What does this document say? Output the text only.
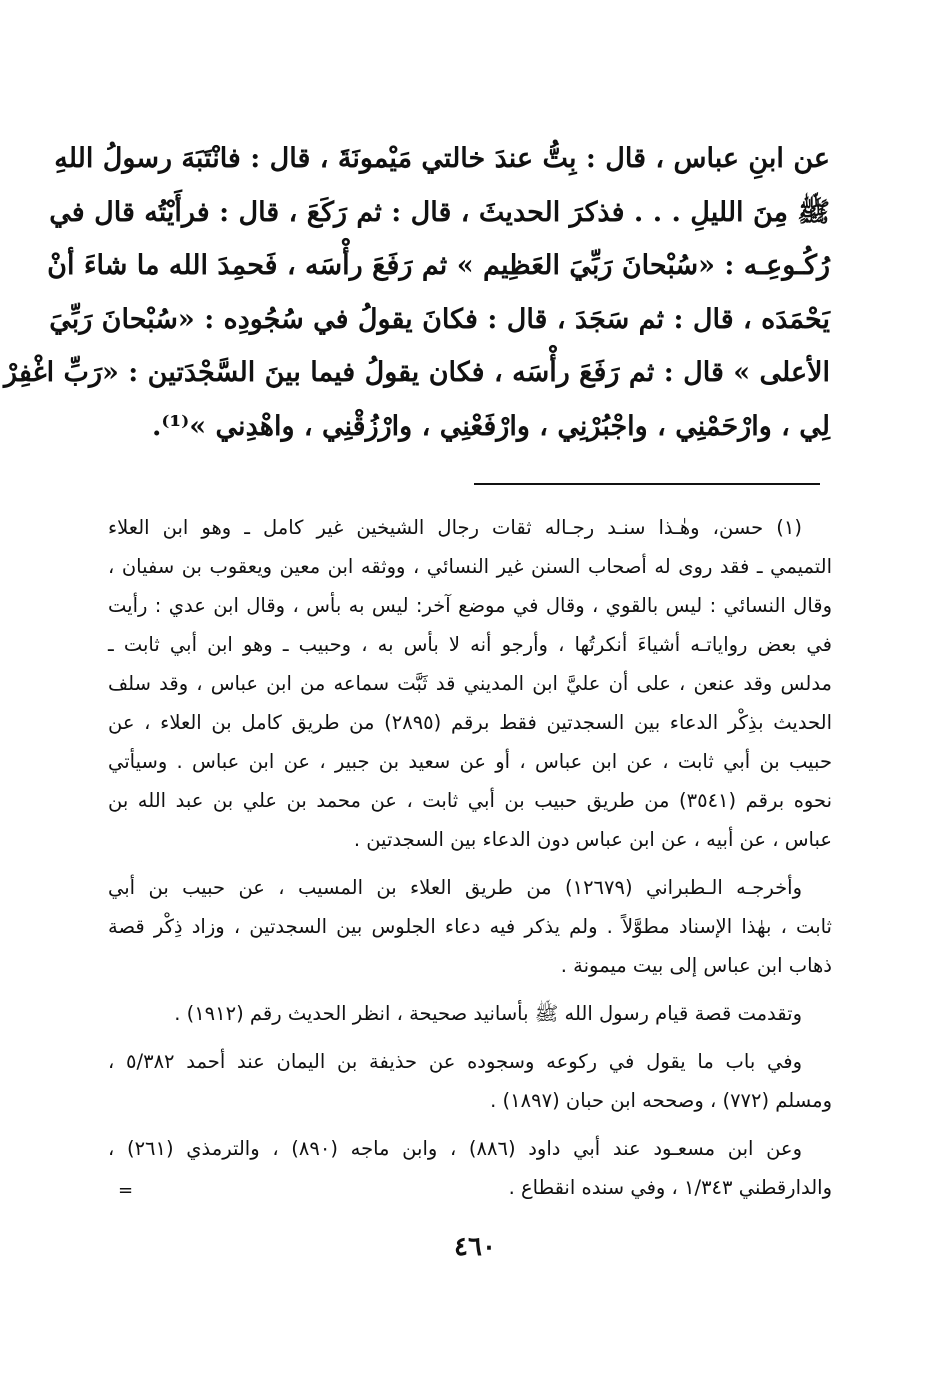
عن ابنِ عباس ، قال : بِتُّ عندَ خالتي مَيْمونَةَ ، قال : فانْتَبَهَ رسولُ اللهِ
ﷺ مِنَ الليلِ . . . فذكرَ الحديثَ ، قال : ثم رَكَعَ ، قال : فرأَيْتُه قال في
رُكُـوعِـه : «سُبْحانَ رَبِّيَ العَظِيم » ثم رَفَعَ رأْسَه ، فَحمِدَ الله ما شاءَ أنْ
يَحْمَدَه ، قال : ثم سَجَدَ ، قال : فكانَ يقولُ في سُجُودِه : «سُبْحانَ رَبِّيَ
الأعلى » قال : ثم رَفَعَ رأْسَه ، فكان يقولُ فيما بينَ السَّجْدَتين : «رَبِّ اغْفِرْ
لِي ، وارْحَمْنِي ، واجْبُرْنِي ، وارْفَعْنِي ، وارْزُقْنِي ، واهْدِني »⁽¹⁾.
(١) حسن، وهٰـذا سنـد رجـاله ثقات رجال الشيخين غير كامل ـ وهو ابن العلاء
التميمي ـ فقد روى له أصحاب السنن غير النسائي ، ووثقه ابن معين ويعقوب بن سفيان ،
وقال النسائي : ليس بالقوي ، وقال في موضع آخر: ليس به بأس ، وقال ابن عدي : رأيت
في بعض رواياتـه أشياءَ أنكرتُها ، وأرجو أنه لا بأس به ، وحبيب ـ وهو ابن أبي ثابت ـ
مدلس وقد عنعن ، على أن عليَّ ابن المديني قد ثَبَّت سماعه من ابن عباس ، وقد سلف
الحديث بذِكْر الدعاء بين السجدتين فقط برقم (٢٨٩٥) من طريق كامل بن العلاء ، عن
حبيب بن أبي ثابت ، عن ابن عباس ، أو عن سعيد بن جبير ، عن ابن عباس . وسيأتي
نحوه برقم (٣٥٤١) من طريق حبيب بن أبي ثابت ، عن محمد بن علي بن عبد الله بن
عباس ، عن أبيه ، عن ابن عباس دون الدعاء بين السجدتين .
وأخرجـه الـطبراني (١٢٦٧٩) من طريق العلاء بن المسيب ، عن حبيب بن أبي
ثابت ، بهٰذا الإسناد مطوَّلاً . ولم يذكر فيه دعاء الجلوس بين السجدتين ، وزاد ذِكْر قصة
ذهاب ابن عباس إلى بيت ميمونة .
وتقدمت قصة قيام رسول الله ﷺ بأسانيد صحيحة ، انظر الحديث رقم (١٩١٢) .
وفي باب ما يقول في ركوعه وسجوده عن حذيفة بن اليمان عند أحمد ٥/٣٨٢ ،
ومسلم (٧٧٢) ، وصححه ابن حبان (١٨٩٧) .
وعن ابن مسعـود عند أبي داود (٨٨٦) ، وابن ماجه (٨٩٠) ، والترمذي (٢٦١) ،
والدارقطني ١/٣٤٣ ، وفي سنده انقطاع .
=
٤٦٠
